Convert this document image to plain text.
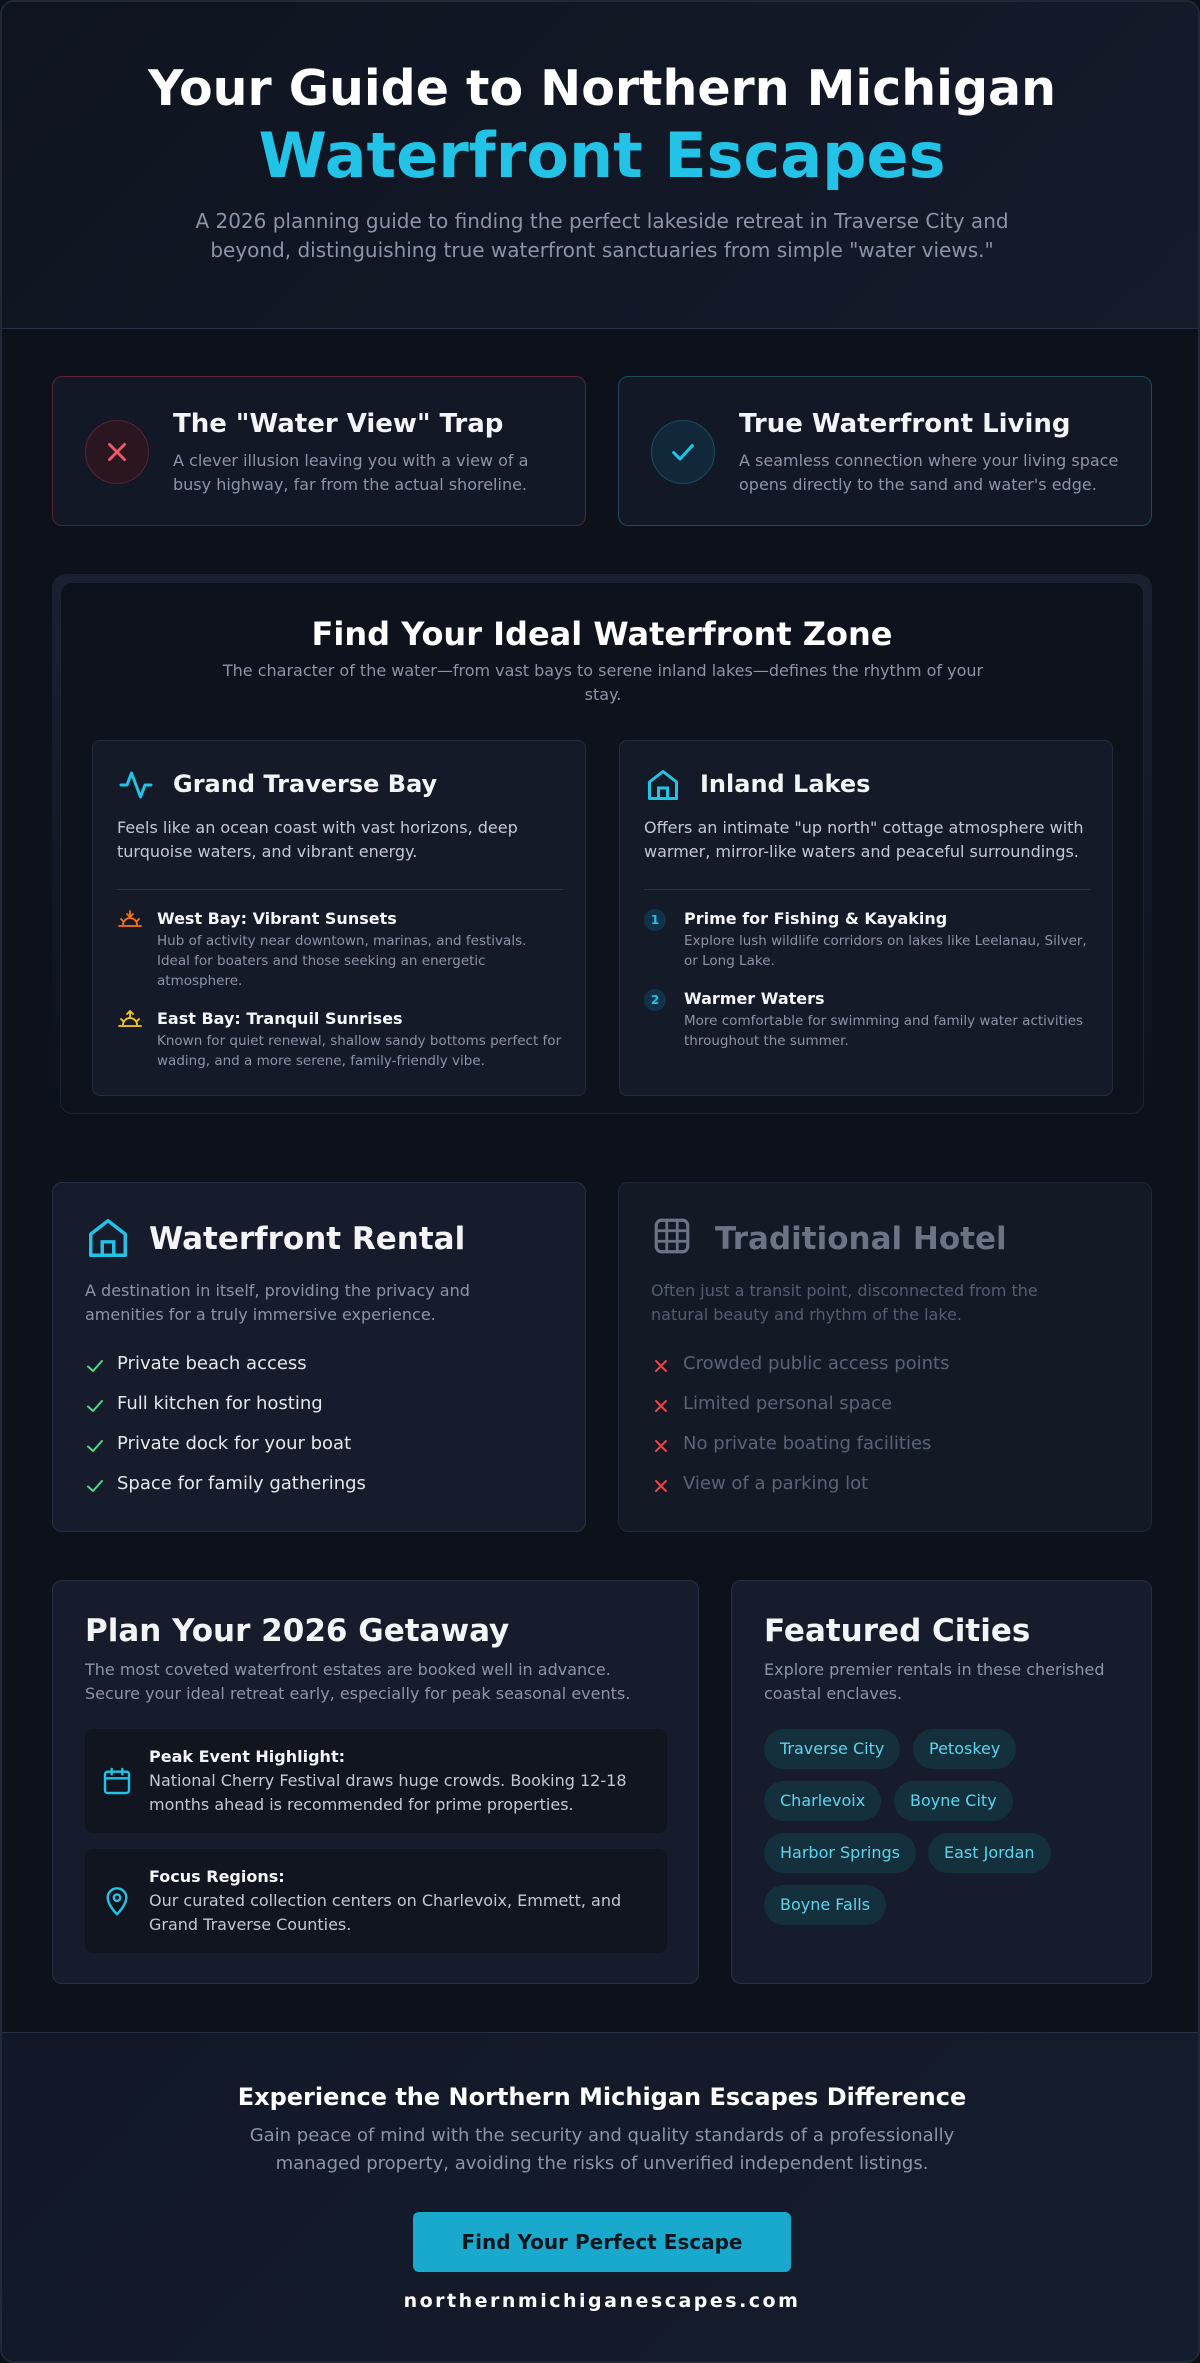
Your Guide to Northern Michigan
Waterfront Escapes

A 2026 planning guide to finding the perfect lakeside retreat in Traverse City and beyond, distinguishing true waterfront sanctuaries from simple "water views."

The "Water View" Trap

A clever illusion leaving you with a view of a busy highway, far from the actual shoreline.

True Waterfront Living

A seamless connection where your living space opens directly to the sand and water's edge.

Find Your Ideal Waterfront Zone

The character of the water—from vast bays to serene inland lakes—defines the rhythm of your stay.

Grand Traverse Bay

Feels like an ocean coast with vast horizons, deep turquoise waters, and vibrant energy.

West Bay: Vibrant Sunsets
Hub of activity near downtown, marinas, and festivals. Ideal for boaters and those seeking an energetic atmosphere.
East Bay: Tranquil Sunrises
Known for quiet renewal, shallow sandy bottoms perfect for wading, and a more serene, family-friendly vibe.
Inland Lakes

Offers an intimate "up north" cottage atmosphere with warmer, mirror-like waters and peaceful surroundings.

1	Prime for Fishing & Kayaking
Explore lush wildlife corridors on lakes like Leelanau, Silver, or Long Lake.
2	Warmer Waters
More comfortable for swimming and family water activities throughout the summer.
Waterfront Rental

A destination in itself, providing the privacy and amenities for a truly immersive experience.

Private beach access
Full kitchen for hosting
Private dock for your boat
Space for family gatherings
Traditional Hotel

Often just a transit point, disconnected from the natural beauty and rhythm of the lake.

Crowded public access points
Limited personal space
No private boating facilities
View of a parking lot
Plan Your 2026 Getaway

The most coveted waterfront estates are booked well in advance. Secure your ideal retreat early, especially for peak seasonal events.

Peak Event Highlight:
National Cherry Festival draws huge crowds. Booking 12-18 months ahead is recommended for prime properties.
Focus Regions:
Our curated collection centers on Charlevoix, Emmett, and Grand Traverse Counties.
Featured Cities

Explore premier rentals in these cherished coastal enclaves.

Traverse City	Petoskey
Charlevoix	Boyne City
Harbor Springs	East Jordan
Boyne Falls
Experience the Northern Michigan Escapes Difference

Gain peace of mind with the security and quality standards of a professionally managed property, avoiding the risks of unverified independent listings.

Find Your Perfect Escape
northernmichiganescapes.com
